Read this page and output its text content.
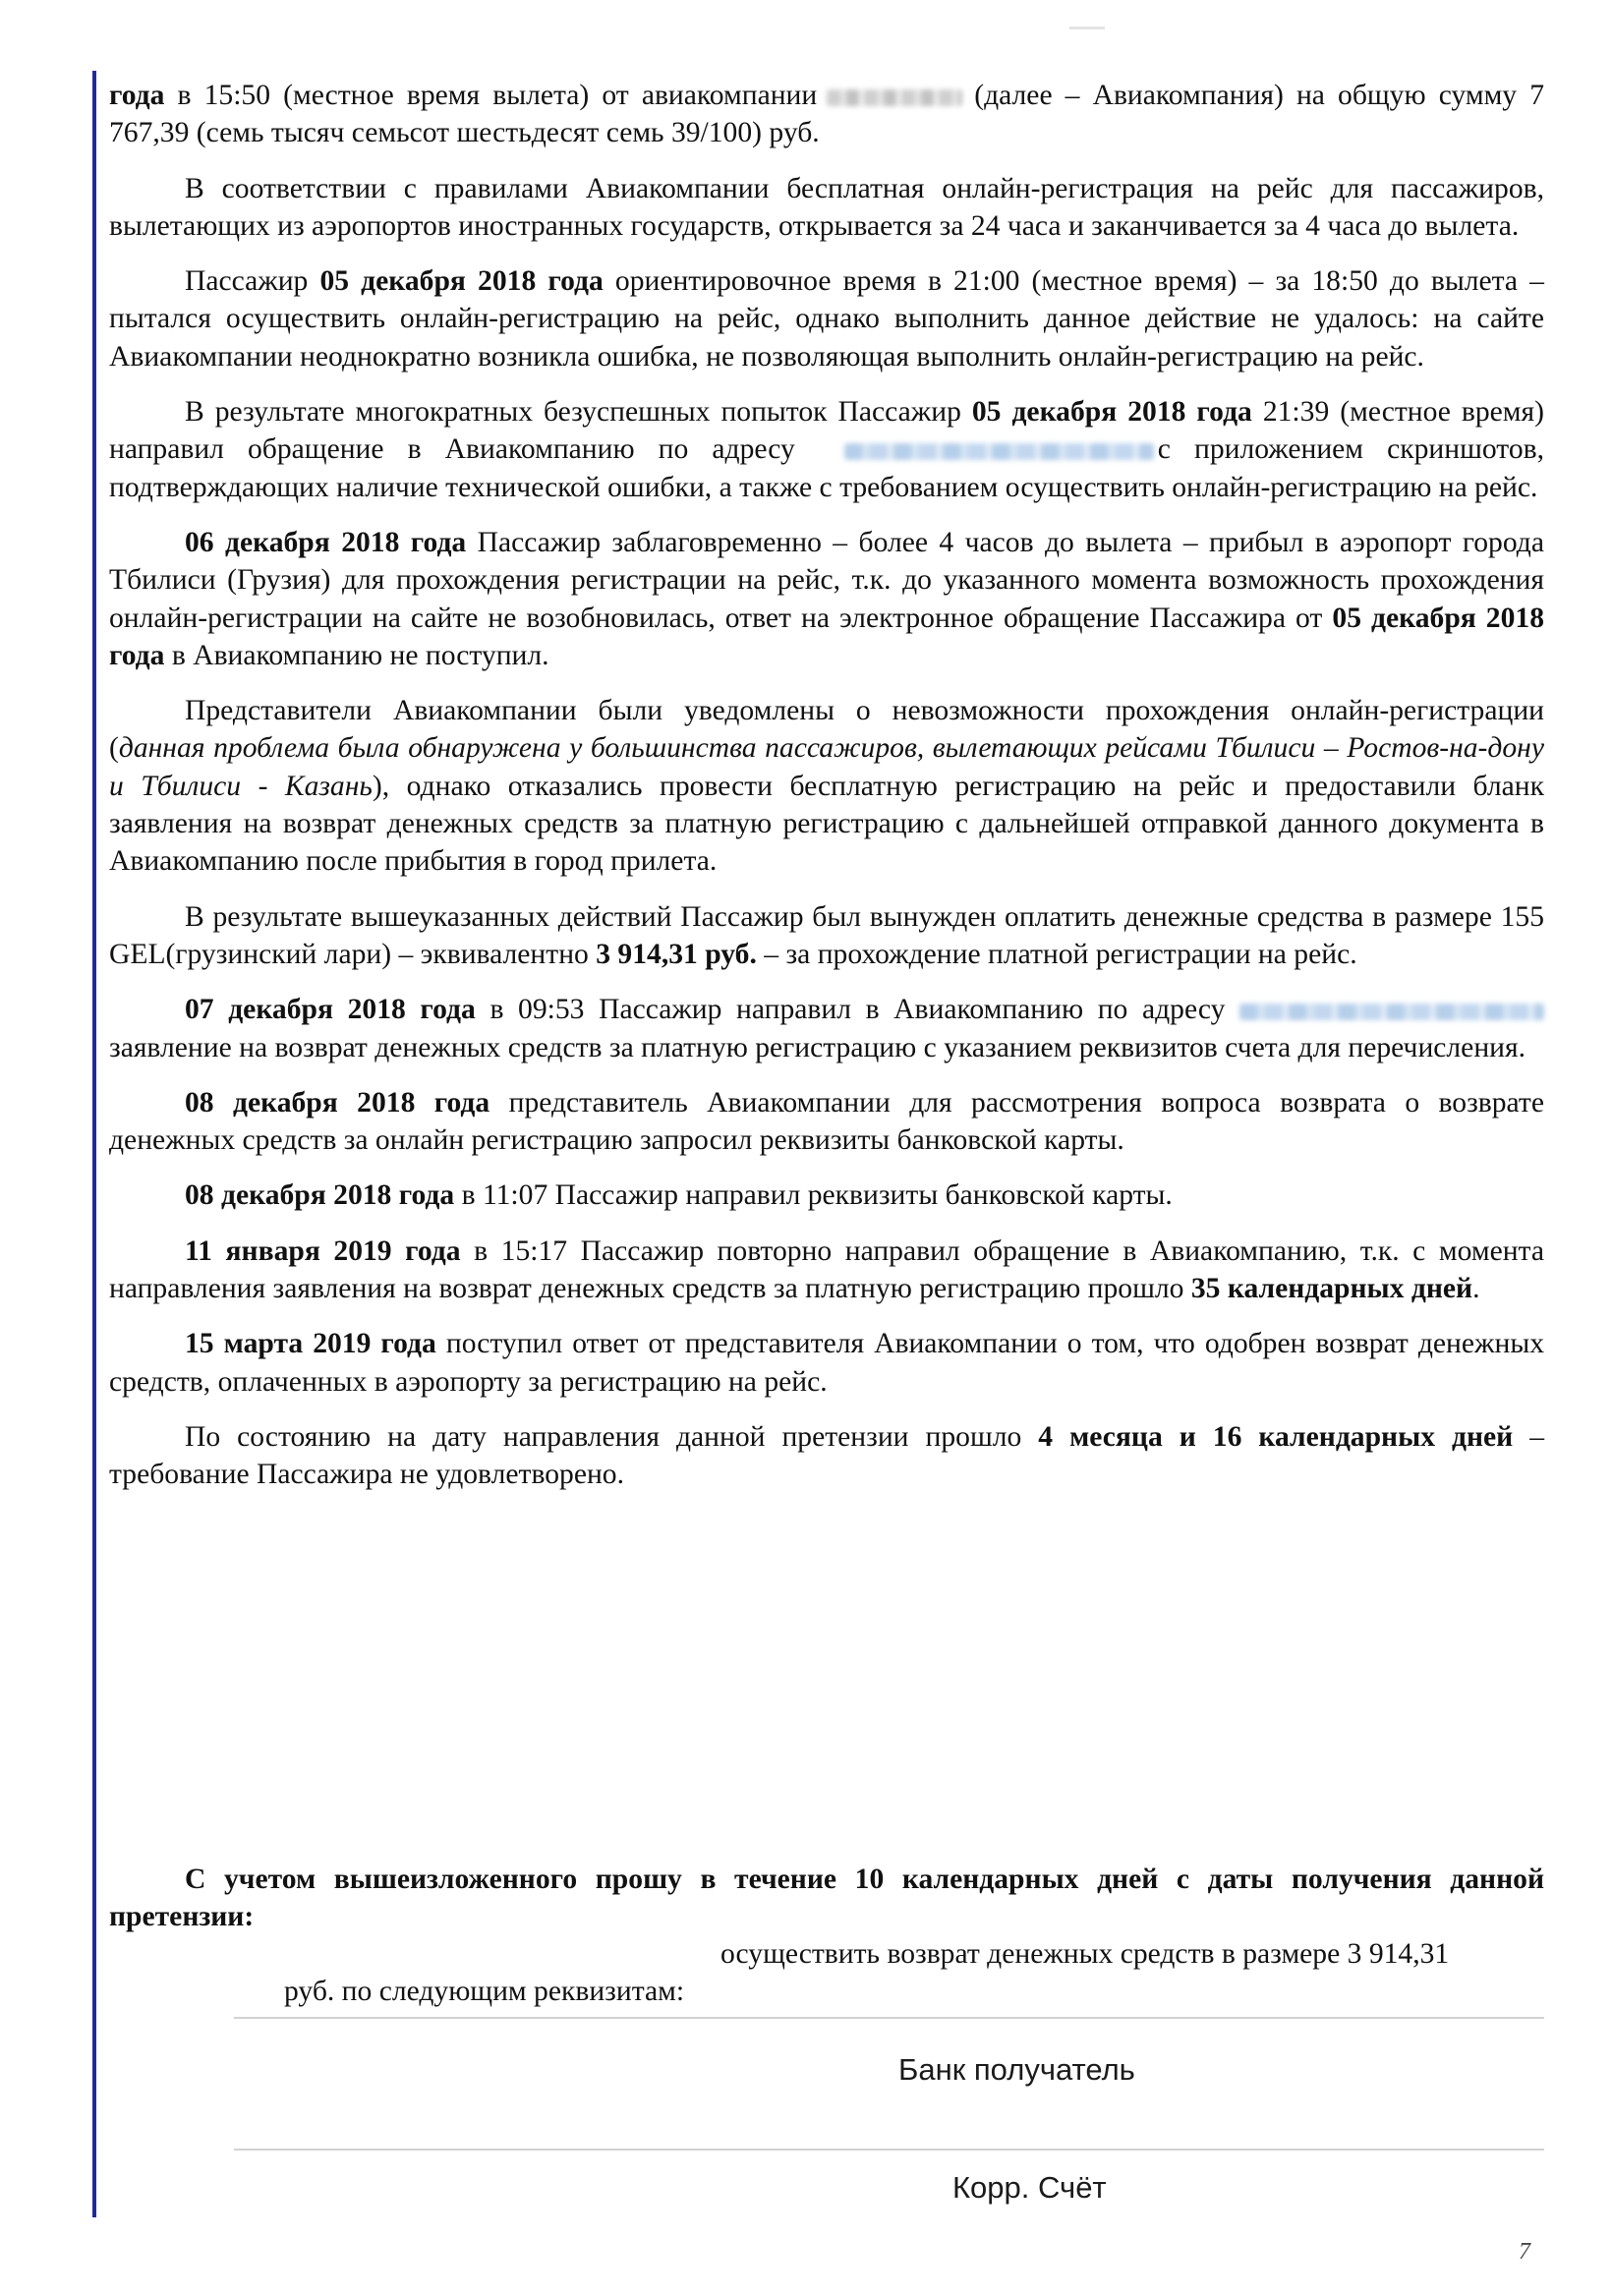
года в 15:50 (местное время вылета) от авиакомпании	(далее – Авиакомпания) на общую сумму 7 767,39 (семь тысяч семьсот шестьдесят семь 39/100) руб.

В соответствии с правилами Авиакомпании бесплатная онлайн-регистрация на рейс для пассажиров, вылетающих из аэропортов иностранных государств, открывается за 24 часа и заканчивается за 4 часа до вылета.

Пассажир 05 декабря 2018 года ориентировочное время в 21:00 (местное время) – за 18:50 до вылета – пытался осуществить онлайн-регистрацию на рейс, однако выполнить данное действие не удалось: на сайте Авиакомпании неоднократно возникла ошибка, не позволяющая выполнить онлайн-регистрацию на рейс.

В результате многократных безуспешных попыток Пассажир 05 декабря 2018 года 21:39 (местное время) направил обращение в Авиакомпанию по адресу	с приложением скриншотов, подтверждающих наличие технической ошибки, а также с требованием осуществить онлайн-регистрацию на рейс.

06 декабря 2018 года Пассажир заблаговременно – более 4 часов до вылета – прибыл в аэропорт города Тбилиси (Грузия) для прохождения регистрации на рейс, т.к. до указанного момента возможность прохождения онлайн-регистрации на сайте не возобновилась, ответ на электронное обращение Пассажира от 05 декабря 2018 года в Авиакомпанию не поступил.

Представители Авиакомпании были уведомлены о невозможности прохождения онлайн-регистрации (данная проблема была обнаружена у большинства пассажиров, вылетающих рейсами Тбилиси – Ростов-на-дону и Тбилиси - Казань), однако отказались провести бесплатную регистрацию на рейс и предоставили бланк заявления на возврат денежных средств за платную регистрацию с дальнейшей отправкой данного документа в Авиакомпанию после прибытия в город прилета.

В результате вышеуказанных действий Пассажир был вынужден оплатить денежные средства в размере 155 GEL(грузинский лари) – эквивалентно 3 914,31 руб. – за прохождение платной регистрации на рейс.

07 декабря 2018 года в 09:53 Пассажир направил в Авиакомпанию по адресу заявление на возврат денежных средств за платную регистрацию с указанием реквизитов счета для перечисления.

08 декабря 2018 года представитель Авиакомпании для рассмотрения вопроса возврата о возврате денежных средств за онлайн регистрацию запросил реквизиты банковской карты.

08 декабря 2018 года в 11:07 Пассажир направил реквизиты банковской карты.

11 января 2019 года в 15:17 Пассажир повторно направил обращение в Авиакомпанию, т.к. с момента направления заявления на возврат денежных средств за платную регистрацию прошло 35 календарных дней.

15 марта 2019 года поступил ответ от представителя Авиакомпании о том, что одобрен возврат денежных средств, оплаченных в аэропорту за регистрацию на рейс.

По состоянию на дату направления данной претензии прошло 4 месяца и 16 календарных дней – требование Пассажира не удовлетворено.

С учетом вышеизложенного прошу в течение 10 календарных дней с даты получения данной претензии:

осуществить возврат денежных средств в размере 3 914,31

руб. по следующим реквизитам:

Банк получатель
Корр. Счёт
7
